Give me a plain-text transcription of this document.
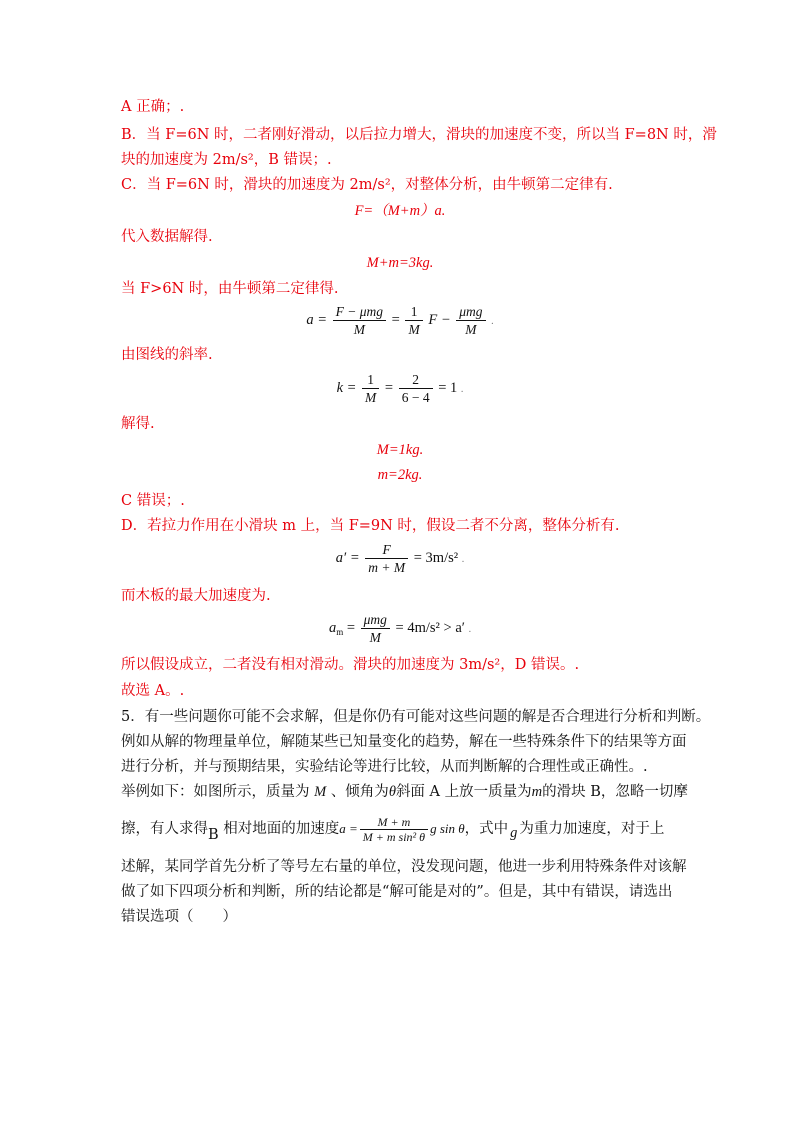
A 正确；.
B．当 F=6N 时，二者刚好滑动，以后拉力增大，滑块的加速度不变，所以当 F=8N 时，滑
块的加速度为 2m/s²，B 错误；.
C．当 F=6N 时，滑块的加速度为 2m/s²，对整体分析，由牛顿第二定律有.
F=（M+m）a.
代入数据解得.
M+m=3kg.
当 F>6N 时，由牛顿第二定律得.
$a = \frac{\text{F − μmg}}{M} = \frac{1}{M}$ $F - \frac{\text{μmg}}{M}$ .
由图线的斜率.
$k = \frac{1}{M} = \frac{2}{6 - 4} = 1$ .
解得.
M=1kg.
m=2kg.
C 错误；.
D．若拉力作用在小滑块 m 上，当 F=9N 时，假设二者不分离，整体分析有.
$a' = \frac{F}{m + M} = 3m/s^2$ .
而木板的最大加速度为.
$a_m = \frac{\text{μmg}}{M} = 4m/s^2 > a'$ .
所以假设成立，二者没有相对滑动。滑块的加速度为 3m/s²，D 错误。.
故选 A。.
5．有一些问题你可能不会求解，但是你仍有可能对这些问题的解是否合理进行分析和判断。
例如从解的物理量单位，解随某些已知量变化的趋势，解在一些特殊条件下的结果等方面
进行分析，并与预期结果，实验结论等进行比较，从而判断解的合理性或正确性。.
举例如下：如图所示，质量为 M 、倾角为θ斜面 A 上放一质量为m的滑块 B，忽略一切摩
擦，有人求得B 相对地面的加速度$a = \frac{M + m}{\text{M + m sin² θ}}$ g sin θ，式中 g 为重力加速度，对于上
述解，某同学首先分析了等号左右量的单位，没发现问题，他进一步利用特殊条件对该解
做了如下四项分析和判断，所的结论都是“解可能是对的”。但是，其中有错误，请选出
错误选项（　　）
